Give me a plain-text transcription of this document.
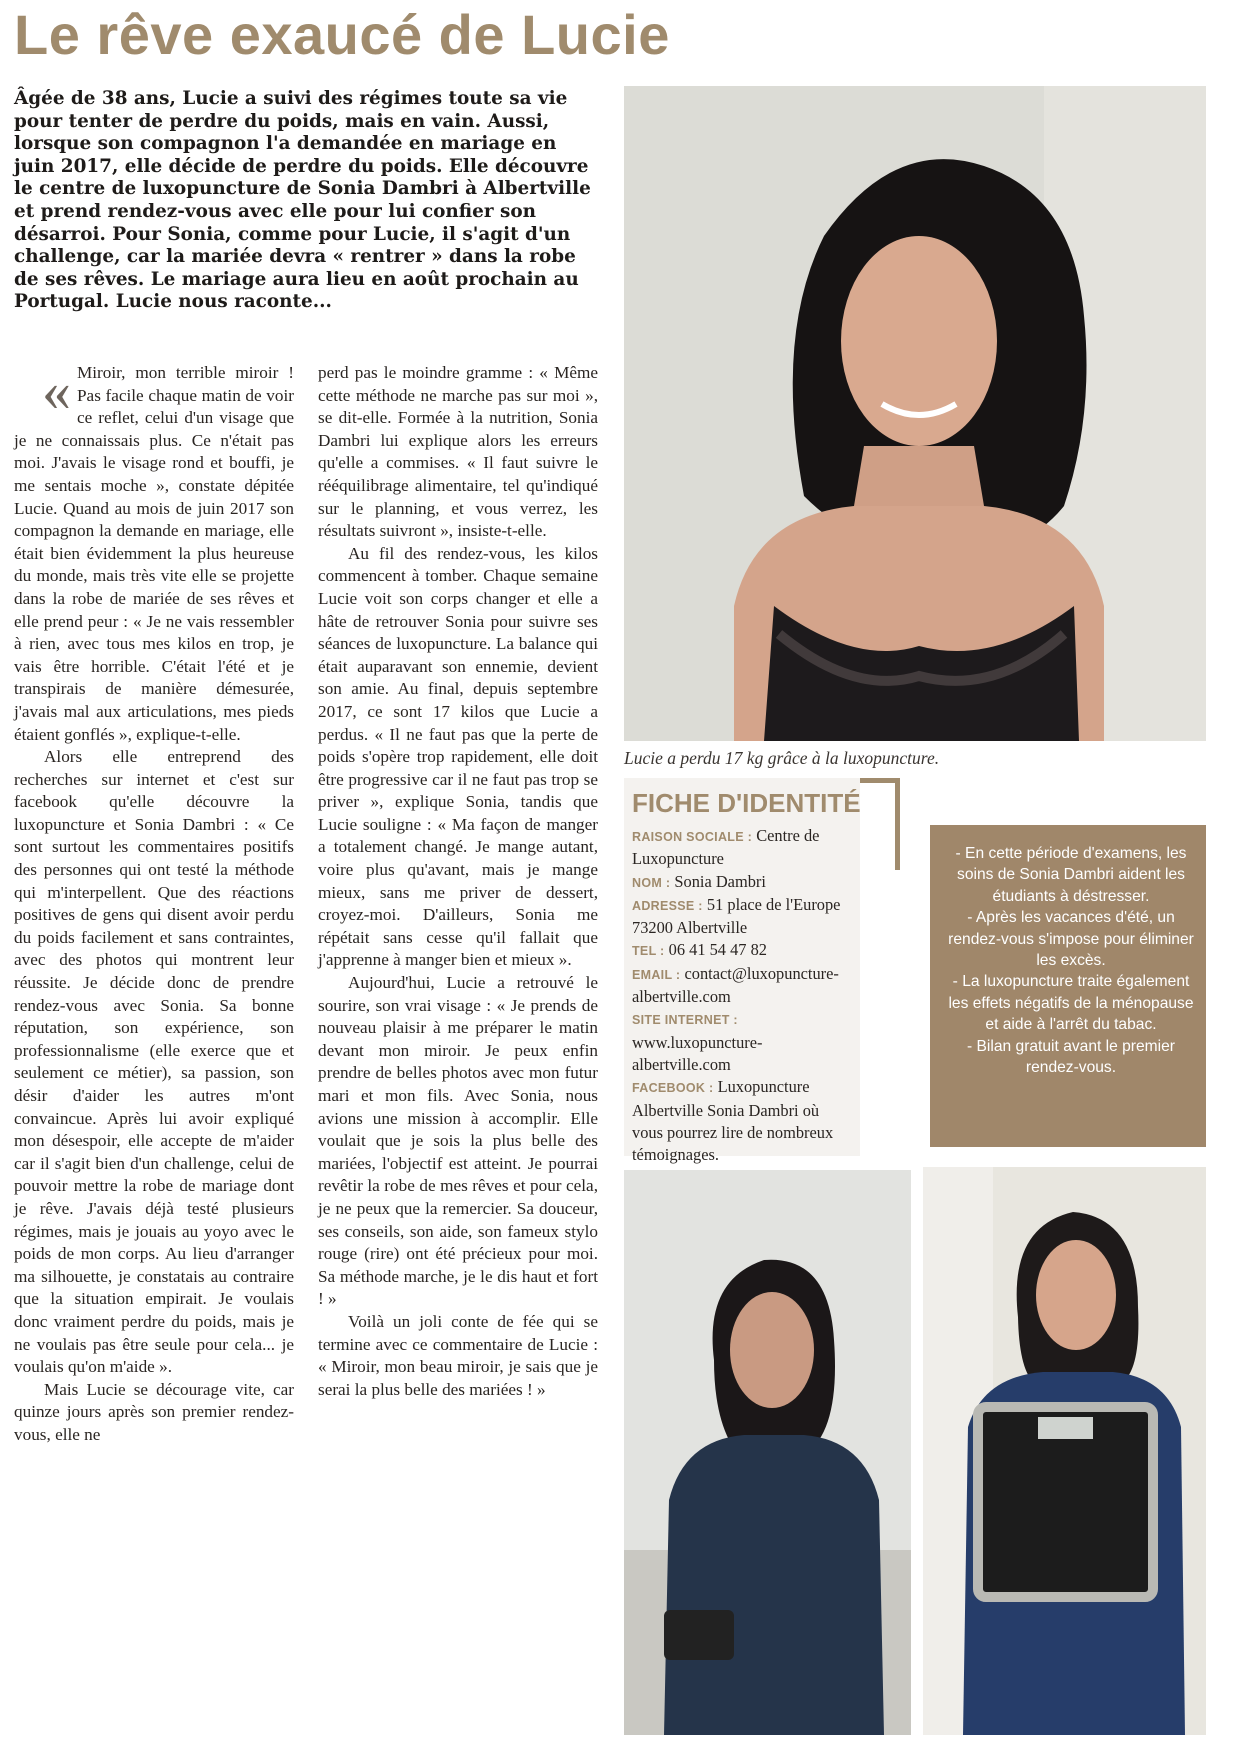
Le rêve exaucé de Lucie

Âgée de 38 ans, Lucie a suivi des régimes toute sa vie pour tenter de perdre du poids, mais en vain. Aussi, lorsque son compagnon l'a demandée en mariage en juin 2017, elle décide de perdre du poids. Elle découvre le centre de luxopuncture de Sonia Dambri à Albertville et prend rendez-vous avec elle pour lui confier son désarroi. Pour Sonia, comme pour Lucie, il s'agit d'un challenge, car la mariée devra « rentrer » dans la robe de ses rêves. Le mariage aura lieu en août prochain au Portugal. Lucie nous raconte...

« Miroir, mon terrible miroir ! Pas facile chaque matin de voir ce reflet, celui d'un visage que je ne connaissais plus. Ce n'était pas moi. J'avais le visage rond et bouffi, je me sentais moche », constate dépitée Lucie. Quand au mois de juin 2017 son compagnon la demande en mariage, elle était bien évidemment la plus heureuse du monde, mais très vite elle se projette dans la robe de mariée de ses rêves et elle prend peur : « Je ne vais ressembler à rien, avec tous mes kilos en trop, je vais être horrible. C'était l'été et je transpirais de manière démesurée, j'avais mal aux articulations, mes pieds étaient gonflés », explique-t-elle.

Alors elle entreprend des recherches sur internet et c'est sur facebook qu'elle découvre la luxopuncture et Sonia Dambri : « Ce sont surtout les commentaires positifs des personnes qui ont testé la méthode qui m'interpellent. Que des réactions positives de gens qui disent avoir perdu du poids facilement et sans contraintes, avec des photos qui montrent leur réussite. Je décide donc de prendre rendez-vous avec Sonia. Sa bonne réputation, son expérience, son professionnalisme (elle exerce que et seulement ce métier), sa passion, son désir d'aider les autres m'ont convaincue. Après lui avoir expliqué mon désespoir, elle accepte de m'aider car il s'agit bien d'un challenge, celui de pouvoir mettre la robe de mariage dont je rêve. J'avais déjà testé plusieurs régimes, mais je jouais au yoyo avec le poids de mon corps. Au lieu d'arranger ma silhouette, je constatais au contraire que la situation empirait. Je voulais donc vraiment perdre du poids, mais je ne voulais pas être seule pour cela... je voulais qu'on m'aide ».

Mais Lucie se décourage vite, car quinze jours après son premier rendez-vous, elle ne

perd pas le moindre gramme : « Même cette méthode ne marche pas sur moi », se dit-elle. Formée à la nutrition, Sonia Dambri lui explique alors les erreurs qu'elle a commises. « Il faut suivre le rééquilibrage alimentaire, tel qu'indiqué sur le planning, et vous verrez, les résultats suivront », insiste-t-elle.

Au fil des rendez-vous, les kilos commencent à tomber. Chaque semaine Lucie voit son corps changer et elle a hâte de retrouver Sonia pour suivre ses séances de luxopuncture. La balance qui était auparavant son ennemie, devient son amie. Au final, depuis septembre 2017, ce sont 17 kilos que Lucie a perdus. « Il ne faut pas que la perte de poids s'opère trop rapidement, elle doit être progressive car il ne faut pas trop se priver », explique Sonia, tandis que Lucie souligne : « Ma façon de manger a totalement changé. Je mange autant, voire plus qu'avant, mais je mange mieux, sans me priver de dessert, croyez-moi. D'ailleurs, Sonia me répétait sans cesse qu'il fallait que j'apprenne à manger bien et mieux ».

Aujourd'hui, Lucie a retrouvé le sourire, son vrai visage : « Je prends de nouveau plaisir à me préparer le matin devant mon miroir. Je peux enfin prendre de belles photos avec mon futur mari et mon fils. Avec Sonia, nous avions une mission à accomplir. Elle voulait que je sois la plus belle des mariées, l'objectif est atteint. Je pourrai revêtir la robe de mes rêves et pour cela, je ne peux que la remercier. Sa douceur, ses conseils, son aide, son fameux stylo rouge (rire) ont été précieux pour moi. Sa méthode marche, je le dis haut et fort ! »

Voilà un joli conte de fée qui se termine avec ce commentaire de Lucie : « Miroir, mon beau miroir, je sais que je serai la plus belle des mariées ! »

Lucie a perdu 17 kg grâce à la luxopuncture.

FICHE D'IDENTITÉ
RAISON SOCIALE : Centre de Luxopuncture
NOM : Sonia Dambri
ADRESSE : 51 place de l'Europe 73200 Albertville
TEL : 06 41 54 47 82
EMAIL : contact@luxopuncture-albertville.com
SITE INTERNET : www.luxopuncture-albertville.com
FACEBOOK : Luxopuncture Albertville Sonia Dambri où vous pourrez lire de nombreux témoignages.

- En cette période d'examens, les soins de Sonia Dambri aident les étudiants à déstresser.

- Après les vacances d'été, un rendez-vous s'impose pour éliminer les excès.

- La luxopuncture traite également les effets négatifs de la ménopause et aide à l'arrêt du tabac.

- Bilan gratuit avant le premier rendez-vous.
